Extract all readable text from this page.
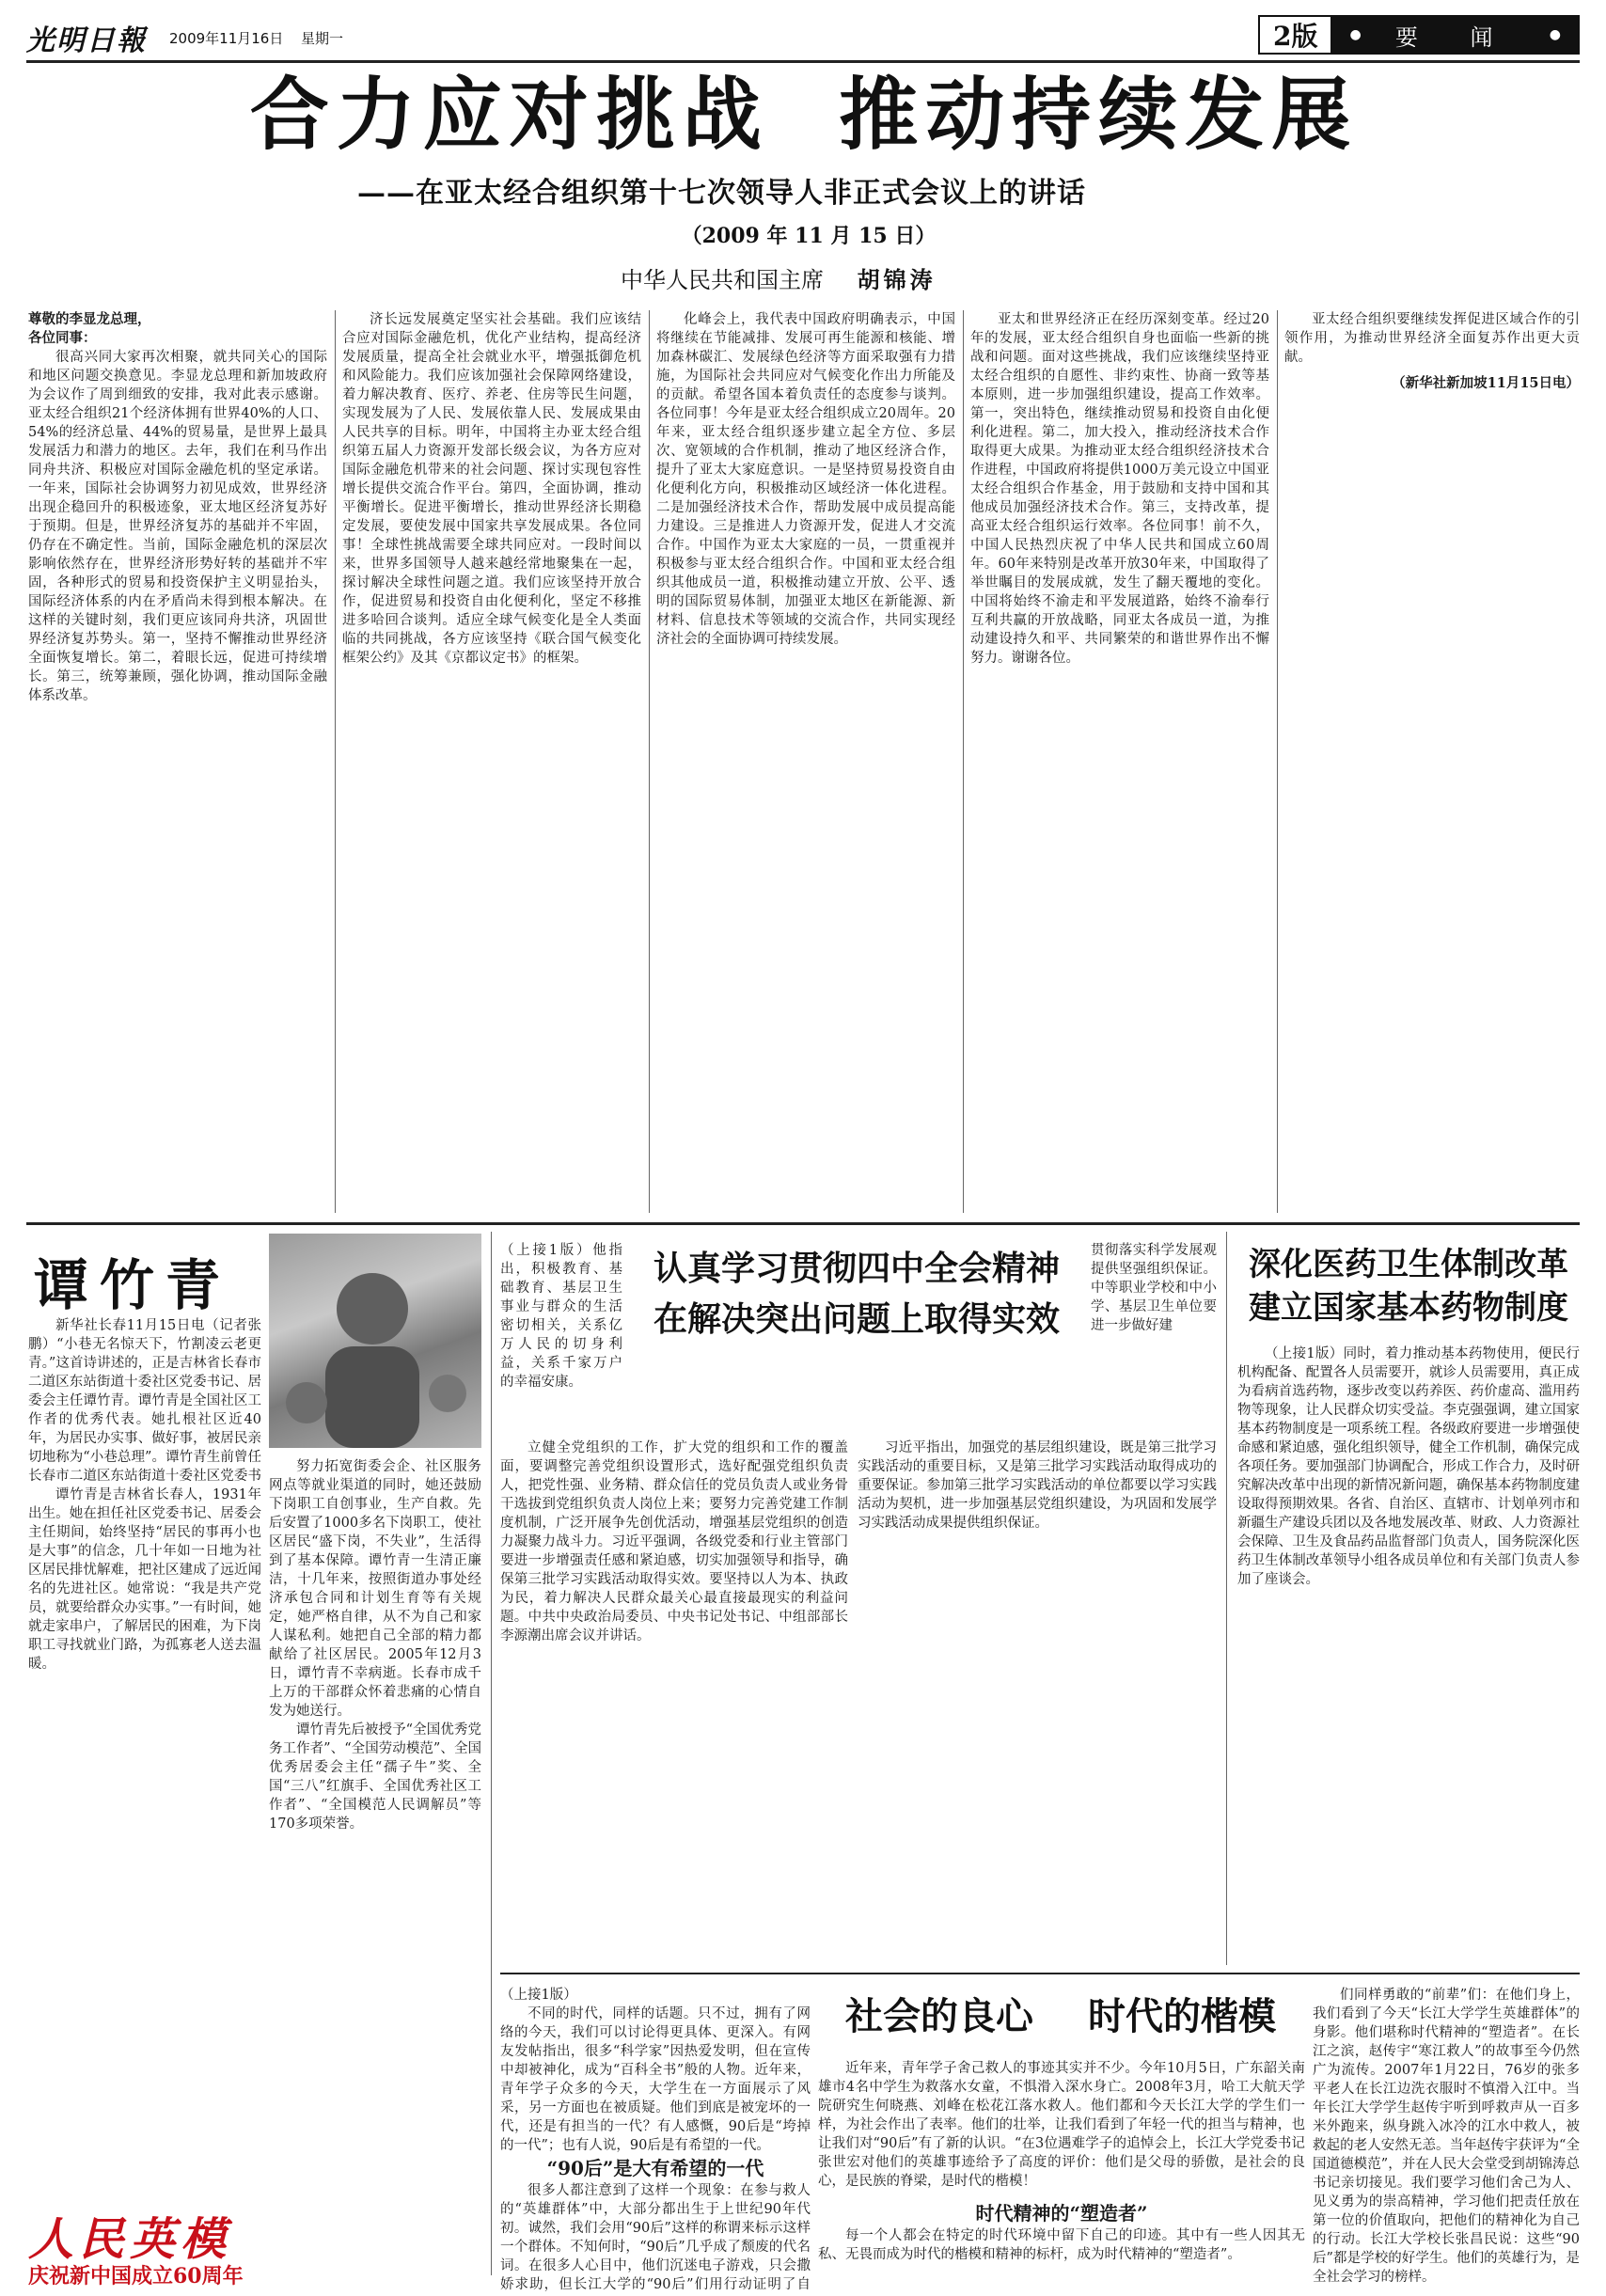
光明日報 2009年11月16日 星期一	2版	● 要 闻	●
合力应对挑战  推动持续发展
——在亚太经合组织第十七次领导人非正式会议上的讲话
（2009 年 11 月 15 日）
中华人民共和国主席 胡锦涛
尊敬的李显龙总理，
各位同事：

很高兴同大家再次相聚，就共同关心的国际和地区问题交换意见。李显龙总理和新加坡政府为会议作了周到细致的安排，我对此表示感谢。亚太经合组织21个经济体拥有世界40%的人口、54%的经济总量、44%的贸易量，是世界上最具发展活力和潜力的地区。去年，我们在利马作出同舟共济、积极应对国际金融危机的坚定承诺。一年来，国际社会协调努力初见成效，世界经济出现企稳回升的积极迹象，亚太地区经济复苏好于预期。但是，世界经济复苏的基础并不牢固，仍存在不确定性。当前，国际金融危机的深层次影响依然存在，世界经济形势好转的基础并不牢固，各种形式的贸易和投资保护主义明显抬头，国际经济体系的内在矛盾尚未得到根本解决。在这样的关键时刻，我们更应该同舟共济，巩固世界经济复苏势头。第一，坚持不懈推动世界经济全面恢复增长。第二，着眼长远，促进可持续增长。第三，统筹兼顾，强化协调，推动国际金融体系改革。

济长远发展奠定坚实社会基础。我们应该结合应对国际金融危机，优化产业结构，提高经济发展质量，提高全社会就业水平，增强抵御危机和风险能力。我们应该加强社会保障网络建设，着力解决教育、医疗、养老、住房等民生问题，实现发展为了人民、发展依靠人民、发展成果由人民共享的目标。明年，中国将主办亚太经合组织第五届人力资源开发部长级会议，为各方应对国际金融危机带来的社会问题、探讨实现包容性增长提供交流合作平台。第四，全面协调，推动平衡增长。促进平衡增长，推动世界经济长期稳定发展，要使发展中国家共享发展成果。各位同事！全球性挑战需要全球共同应对。一段时间以来，世界多国领导人越来越经常地聚集在一起，探讨解决全球性问题之道。我们应该坚持开放合作，促进贸易和投资自由化便利化，坚定不移推进多哈回合谈判。适应全球气候变化是全人类面临的共同挑战，各方应该坚持《联合国气候变化框架公约》及其《京都议定书》的框架。

化峰会上，我代表中国政府明确表示，中国将继续在节能减排、发展可再生能源和核能、增加森林碳汇、发展绿色经济等方面采取强有力措施，为国际社会共同应对气候变化作出力所能及的贡献。希望各国本着负责任的态度参与谈判。各位同事！今年是亚太经合组织成立20周年。20年来，亚太经合组织逐步建立起全方位、多层次、宽领域的合作机制，推动了地区经济合作，提升了亚太大家庭意识。一是坚持贸易投资自由化便利化方向，积极推动区域经济一体化进程。二是加强经济技术合作，帮助发展中成员提高能力建设。三是推进人力资源开发，促进人才交流合作。中国作为亚太大家庭的一员，一贯重视并积极参与亚太经合组织合作。中国和亚太经合组织其他成员一道，积极推动建立开放、公平、透明的国际贸易体制，加强亚太地区在新能源、新材料、信息技术等领域的交流合作，共同实现经济社会的全面协调可持续发展。

亚太和世界经济正在经历深刻变革。经过20年的发展，亚太经合组织自身也面临一些新的挑战和问题。面对这些挑战，我们应该继续坚持亚太经合组织的自愿性、非约束性、协商一致等基本原则，进一步加强组织建设，提高工作效率。第一，突出特色，继续推动贸易和投资自由化便利化进程。第二，加大投入，推动经济技术合作取得更大成果。为推动亚太经合组织经济技术合作进程，中国政府将提供1000万美元设立中国亚太经合组织合作基金，用于鼓励和支持中国和其他成员加强经济技术合作。第三，支持改革，提高亚太经合组织运行效率。各位同事！前不久，中国人民热烈庆祝了中华人民共和国成立60周年。60年来特别是改革开放30年来，中国取得了举世瞩目的发展成就，发生了翻天覆地的变化。中国将始终不渝走和平发展道路，始终不渝奉行互利共赢的开放战略，同亚太各成员一道，为推动建设持久和平、共同繁荣的和谐世界作出不懈努力。谢谢各位。

亚太经合组织要继续发挥促进区域合作的引领作用，为推动世界经济全面复苏作出更大贡献。

（新华社新加坡11月15日电）
谭竹青

新华社长春11月15日电（记者张鹏）“小巷无名惊天下，竹割凌云老更青。”这首诗讲述的，正是吉林省长春市二道区东站街道十委社区党委书记、居委会主任谭竹青。谭竹青是全国社区工作者的优秀代表。她扎根社区近40年，为居民办实事、做好事，被居民亲切地称为“小巷总理”。谭竹青生前曾任长春市二道区东站街道十委社区党委书

谭竹青是吉林省长春人，1931年出生。她在担任社区党委书记、居委会主任期间，始终坚持“居民的事再小也是大事”的信念，几十年如一日地为社区居民排忧解难，把社区建成了远近闻名的先进社区。她常说：“我是共产党员，就要给群众办实事。”一有时间，她就走家串户，了解居民的困难，为下岗职工寻找就业门路，为孤寡老人送去温暖。

努力拓宽街委会企、社区服务网点等就业渠道的同时，她还鼓励下岗职工自创事业，生产自救。先后安置了1000多名下岗职工，使社区居民“盛下岗，不失业”，生活得到了基本保障。谭竹青一生清正廉洁，十几年来，按照街道办事处经济承包合同和计划生育等有关规定，她严格自律，从不为自己和家人谋私利。她把自己全部的精力都献给了社区居民。2005年12月3日，谭竹青不幸病逝。长春市成千上万的干部群众怀着悲痛的心情自发为她送行。

谭竹青先后被授予“全国优秀党务工作者”、“全国劳动模范”、全国优秀居委会主任“孺子牛”奖、全国“三八”红旗手、全国优秀社区工作者”、“全国模范人民调解员”等170多项荣誉。

人民英模
庆祝新中国成立60周年
（上接1版）他指出，积极教育、基础教育、基层卫生事业与群众的生活密切相关，关系亿万人民的切身利益，关系千家万户的幸福安康。
认真学习贯彻四中全会精神
在解决突出问题上取得实效
贯彻落实科学发展观提供坚强组织保证。中等职业学校和中小学、基层卫生单位要进一步做好建

立健全党组织的工作，扩大党的组织和工作的覆盖面，要调整完善党组织设置形式，选好配强党组织负责人，把党性强、业务精、群众信任的党员负责人或业务骨干选拔到党组织负责人岗位上来；要努力完善党建工作制度机制，广泛开展争先创优活动，增强基层党组织的创造力凝聚力战斗力。习近平强调，各级党委和行业主管部门要进一步增强责任感和紧迫感，切实加强领导和指导，确保第三批学习实践活动取得实效。要坚持以人为本、执政为民，着力解决人民群众最关心最直接最现实的利益问题。中共中央政治局委员、中央书记处书记、中组部部长李源潮出席会议并讲话。

习近平指出，加强党的基层组织建设，既是第三批学习实践活动的重要目标，又是第三批学习实践活动取得成功的重要保证。参加第三批学习实践活动的单位都要以学习实践活动为契机，进一步加强基层党组织建设，为巩固和发展学习实践活动成果提供组织保证。

深化医药卫生体制改革
建立国家基本药物制度

（上接1版）同时，着力推动基本药物使用，便民行机构配备、配置各人员需要开，就诊人员需要用，真正成为看病首选药物，逐步改变以药养医、药价虚高、滥用药物等现象，让人民群众切实受益。李克强强调，建立国家基本药物制度是一项系统工程。各级政府要进一步增强使命感和紧迫感，强化组织领导，健全工作机制，确保完成各项任务。要加强部门协调配合，形成工作合力，及时研究解决改革中出现的新情况新问题，确保基本药物制度建设取得预期效果。各省、自治区、直辖市、计划单列市和新疆生产建设兵团以及各地发展改革、财政、人力资源社会保障、卫生及食品药品监督部门负责人，国务院深化医药卫生体制改革领导小组各成员单位和有关部门负责人参加了座谈会。

（上接1版）

不同的时代，同样的话题。只不过，拥有了网络的今天，我们可以讨论得更具体、更深入。有网友发帖指出，很多“科学家”因热爱发明，但在宣传中却被神化，成为“百科全书”般的人物。近年来，青年学子众多的今天，大学生在一方面展示了风采，另一方面也在被质疑。他们到底是被宠坏的一代，还是有担当的一代？有人感慨，90后是“垮掉的一代”；也有人说，90后是有希望的一代。

“90后”是大有希望的一代

很多人都注意到了这样一个现象：在参与救人的“英雄群体”中，大部分都出生于上世纪90年代初。诚然，我们会用“90后”这样的称谓来标示这样一个群体。不知何时，“90后”几乎成了颓废的代名词。在很多人心目中，他们沉迷电子游戏，只会撒娇求助，但长江大学的“90后”们用行动证明了自

社会的良心 时代的楷模

近年来，青年学子舍己救人的事迹其实并不少。今年10月5日，广东韶关南雄市4名中学生为救落水女童，不惧滑入深水身亡。2008年3月，哈工大航天学院研究生何晓燕、刘峰在松花江落水救人。他们都和今天长江大学的学生们一样，为社会作出了表率。他们的壮举，让我们看到了年轻一代的担当与精神，也让我们对“90后”有了新的认识。“在3位遇难学子的追悼会上，长江大学党委书记张世宏对他们的英雄事迹给予了高度的评价：他们是父母的骄傲，是社会的良心，是民族的脊梁，是时代的楷模！

时代精神的“塑造者”

每一个人都会在特定的时代环境中留下自己的印迹。其中有一些人因其无私、无畏而成为时代的楷模和精神的标杆，成为时代精神的“塑造者”。

们同样勇敢的“前辈”们：在他们身上，我们看到了今天“长江大学学生英雄群体”的身影。他们堪称时代精神的“塑造者”。在长江之滨，赵传宇“寒江救人”的故事至今仍然广为流传。2007年1月22日，76岁的张多平老人在长江边洗衣服时不慎滑入江中。当年长江大学学生赵传宇听到呼救声从一百多米外跑来，纵身跳入冰冷的江水中救人，被救起的老人安然无恙。当年赵传宇获评为“全国道德模范”，并在人民大会堂受到胡锦涛总书记亲切接见。我们要学习他们舍己为人、见义勇为的崇高精神，学习他们把责任放在第一位的价值取向，把他们的精神化为自己的行动。长江大学校长张昌民说：这些“90后”都是学校的好学生。他们的英雄行为，是全社会学习的榜样。
